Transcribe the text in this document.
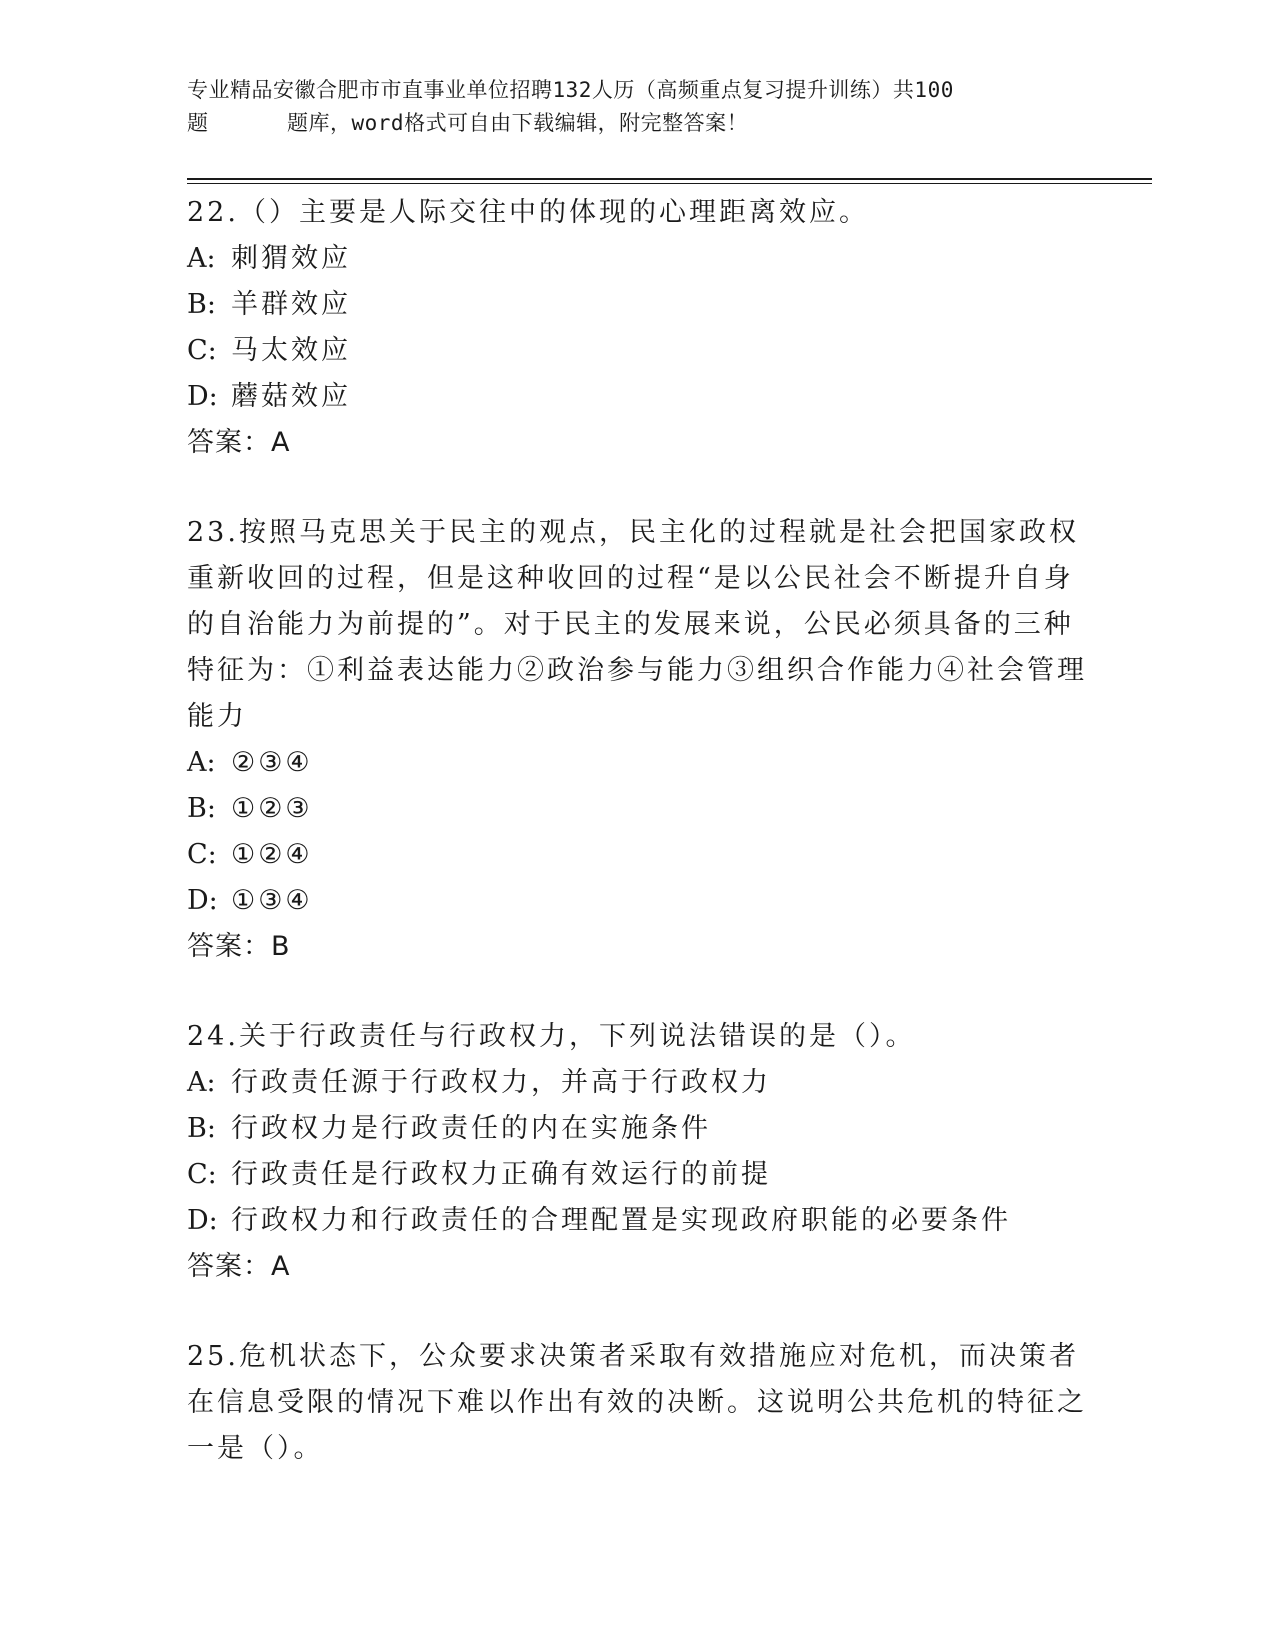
专业精品安徽合肥市市直事业单位招聘132人历（高频重点复习提升训练）共100
题	题库，word格式可自由下载编辑，附完整答案！

22.（）主要是人际交往中的体现的心理距离效应。

A: 刺猬效应

B: 羊群效应

C: 马太效应

D: 蘑菇效应

答案：A

23.按照马克思关于民主的观点，民主化的过程就是社会把国家政权重新收回的过程，但是这种收回的过程“是以公民社会不断提升自身的自治能力为前提的”。对于民主的发展来说，公民必须具备的三种特征为：①利益表达能力②政治参与能力③组织合作能力④社会管理能力

A: ②③④

B: ①②③

C: ①②④

D: ①③④

答案：B

24.关于行政责任与行政权力，下列说法错误的是（）。

A: 行政责任源于行政权力，并高于行政权力

B: 行政权力是行政责任的内在实施条件

C: 行政责任是行政权力正确有效运行的前提

D: 行政权力和行政责任的合理配置是实现政府职能的必要条件

答案：A

25.危机状态下，公众要求决策者采取有效措施应对危机，而决策者在信息受限的情况下难以作出有效的决断。这说明公共危机的特征之一是（）。
